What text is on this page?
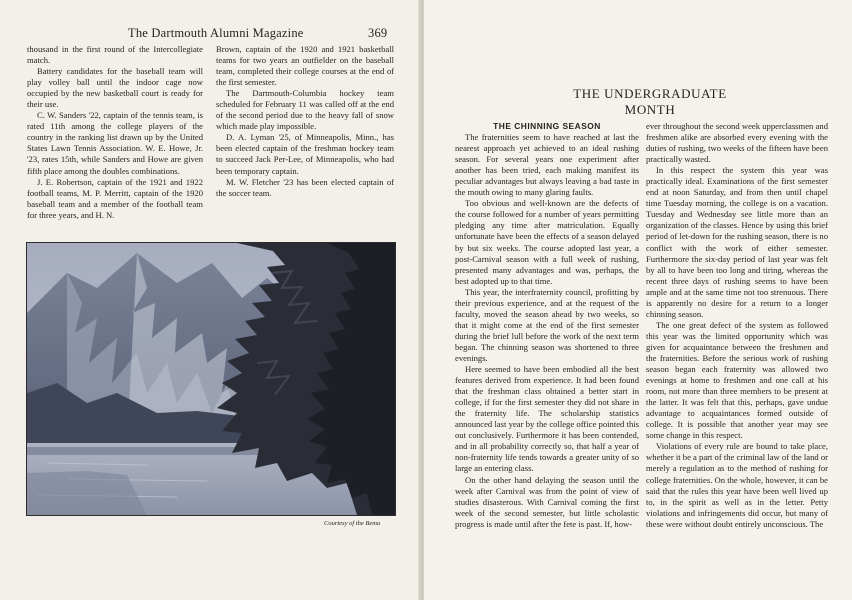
The Dartmouth Alumni Magazine	369

thousand in the first round of the Intercollegiate match.

Battery candidates for the baseball team will play volley ball until the indoor cage now occupied by the new basketball court is ready for their use.

C. W. Sanders '22, captain of the tennis team, is rated 11th among the college players of the country in the ranking list drawn up by the United States Lawn Tennis Association. W. E. Howe, Jr. '23, rates 15th, while Sanders and Howe are given fifth place among the doubles combinations.

J. E. Robertson, captain of the 1921 and 1922 football teams, M. P. Merritt, captain of the 1920 baseball team and a member of the football team for three years, and H. N.

Brown, captain of the 1920 and 1921 basketball teams for two years an outfielder on the baseball team, completed their college courses at the end of the first semester.

The Dartmouth-Columbia hockey team scheduled for February 11 was called off at the end of the second period due to the heavy fall of snow which made play impossible.

D. A. Lyman '25, of Minneapolis, Minn., has been elected captain of the freshman hockey team to succeed Jack Per-Lee, of Minneapolis, who had been temporary captain.

M. W. Fletcher '23 has been elected captain of the soccer team.

Courtesy of the Bema
THE UNDERGRADUATE MONTH
THE CHINNING SEASON

The fraternities seem to have reached at last the nearest approach yet achieved to an ideal rushing season. For several years one experiment after another has been tried, each making manifest its peculiar advantages but always leaving a bad taste in the mouth owing to many glaring faults.

Too obvious and well-known are the defects of the course followed for a number of years permitting pledging any time after matriculation. Equally unfortunate have been the effects of a season delayed by but six weeks. The course adopted last year, a post-Carnival season with a full week of rushing, presented many advantages and was, perhaps, the best adopted up to that time.

This year, the interfraternity council, profitting by their previous experience, and at the request of the faculty, moved the season ahead by two weeks, so that it might come at the end of the first semester during the brief lull before the work of the next term began. The chinning season was shortened to three evenings.

Here seemed to have been embodied all the best features derived from experience. It had been found that the freshman class obtained a better start in college, if for the first semester they did not share in the fraternity life. The scholarship statistics announced last year by the college office pointed this out conclusively. Furthermore it has been contended, and in all probability correctly so, that half a year of non-fraternity life tends towards a greater unity of so large an entering class.

On the other hand delaying the season until the week after Carnival was from the point of view of studies disasterous. With Carnival coming the first week of the second semester, but little scholastic progress is made until after the fete is past. If, how-

ever throughout the second week upperclassmen and freshmen alike are absorbed every evening with the duties of rushing, two weeks of the fifteen have been practically wasted.

In this respect the system this year was practically ideal. Examinations of the first semester end at noon Saturday, and from then until chapel time Tuesday morning, the college is on a vacation. Tuesday and Wednesday see little more than an organization of the classes. Hence by using this brief period of let-down for the rushing season, there is no conflict with the work of either semester. Furthermore the six-day period of last year was felt by all to have been too long and tiring, whereas the recent three days of rushing seems to have been ample and at the same time not too strenuous. There is apparently no desire for a return to a longer chinning season.

The one great defect of the system as followed this year was the limited opportunity which was given for acquaintance between the freshmen and the fraternities. Before the serious work of rushing season began each fraternity was allowed two evenings at home to freshmen and one call at his room, not more than three members to be present at the latter. It was felt that this, perhaps, gave undue advantage to acquaintances formed outside of college. It is possible that another year may see some change in this respect.

Violations of every rule are bound to take place, whether it be a part of the criminal law of the land or merely a regulation as to the method of rushing for college fraternities. On the whole, however, it can be said that the rules this year have been well lived up to, in the spirit as well as in the letter. Petty violations and infringements did occur, but many of these were without doubt entirely unconscious. The
